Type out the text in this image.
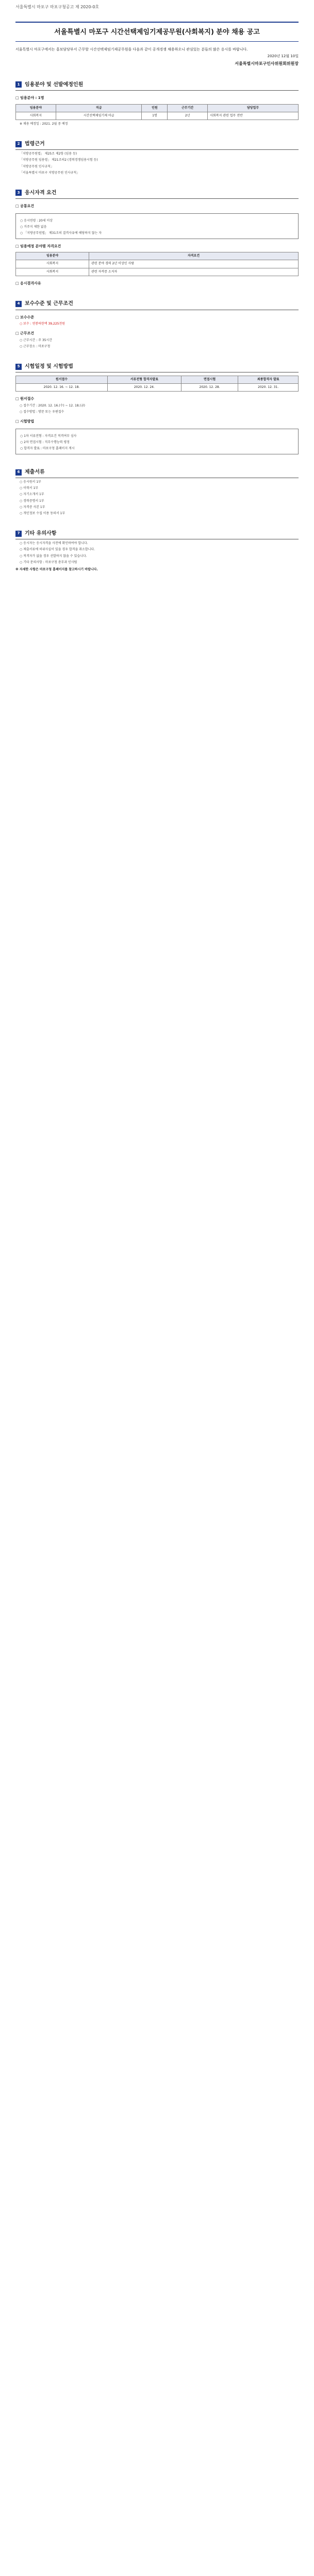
서울특별시 마포구 마포구청공고 제 2020-0호
서울특별시 마포구 시간선택제임기제공무원(사회복지) 분야 채용 공고
서울특별시 마포구에서는 홍보담당부서 근무할 시간선택제임기제공무원을 다음과 같이 공개경쟁 채용하오니 관심있는 분들의 많은 응시를 바랍니다.
2020년 12월 10일
서울특별시마포구인사위원회위원장
1 임용분야 및 선발예정인원
□ 임용분야 : 1명
임용분야	직급	인원	근무기간	담당업무
사회복지	시간선택제임기제 마급	1명	2년	사회복지 관련 업무 전반
※ 채용 예정일 : 2021. 2월 중 예정
2 법령근거
「지방공무원법」 제25조 제2항 (임용 등)
「지방공무원 임용령」 제21조의2 (경력경쟁임용시험 등)
「지방공무원 인사규칙」
「서울특별시 마포구 지방공무원 인사규칙」
3 응시자격 요건
□ 공통요건
○ 응시연령 : 20세 이상
○ 거주지 제한 없음
○ 「지방공무원법」 제31조의 결격사유에 해당하지 않는 자
□ 임용예정 분야별 자격요건
임용분야	자격요건
사회복지	관련 분야 경력 2년 이상인 사람
사회복지	관련 자격증 소지자
□ 응시결격사유
4 보수수준 및 근무조건
□ 보수수준
○ 보수 : 연봉하한액 39,225천원
□ 근무조건
○ 근무시간 : 주 35시간
○ 근무장소 : 마포구청
5 시험일정 및 시험방법
원서접수	서류전형 합격자발표	면접시험	최종합격자 발표
2020. 12. 16. ~ 12. 18.	2020. 12. 24.	2020. 12. 28.	2020. 12. 31.
□ 원서접수
○ 접수기간 : 2020. 12. 16.(수) ~ 12. 18.(금)
○ 접수방법 : 방문 또는 우편접수
□ 시험방법
○ 1차 서류전형 : 자격요건 적격여부 심사
○ 2차 면접시험 : 직무수행능력 평정
○ 합격자 발표 : 마포구청 홈페이지 게시
6 제출서류
○ 응시원서 1부
○ 이력서 1부
○ 자기소개서 1부
○ 경력증명서 1부
○ 자격증 사본 1부
○ 개인정보 수집 이용 동의서 1부
7 기타 유의사항
○ 응시자는 응시자격을 사전에 확인하여야 합니다.
○ 제출서류에 허위사실이 있을 경우 합격을 취소합니다.
○ 적격자가 없을 경우 선발하지 않을 수 있습니다.
○ 기타 문의사항 : 마포구청 총무과 인사팀
※ 자세한 사항은 마포구청 홈페이지를 참고하시기 바랍니다.
